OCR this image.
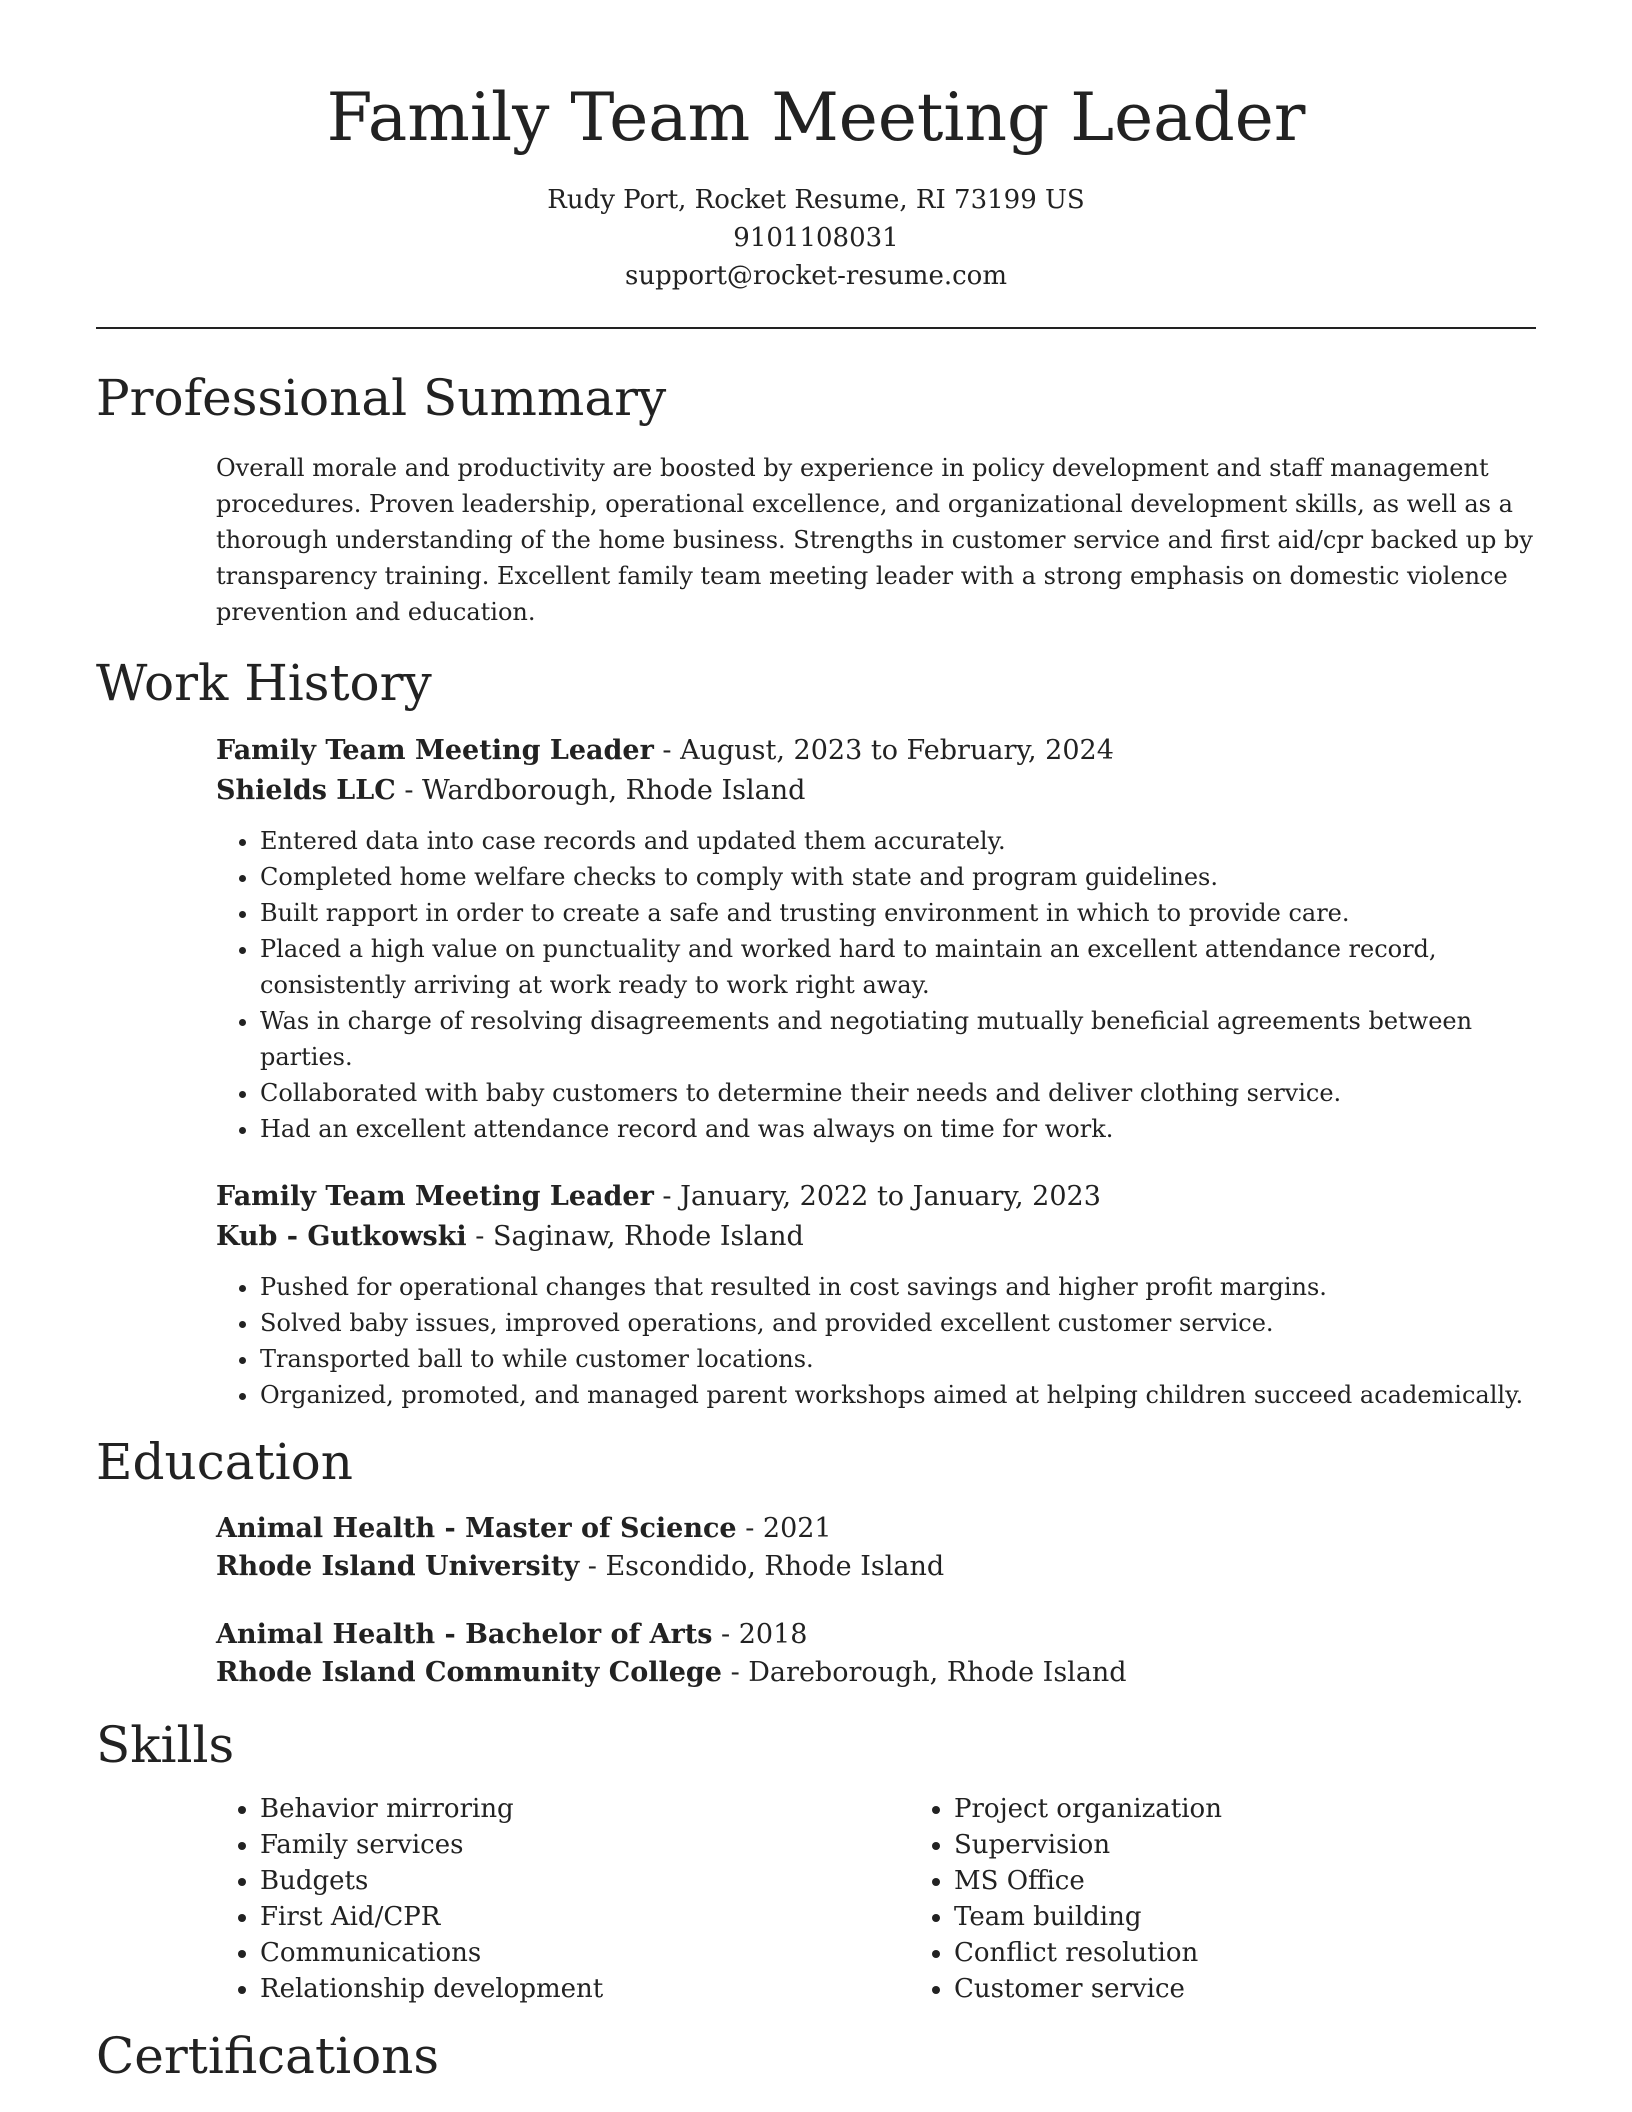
Family Team Meeting Leader
Rudy Port, Rocket Resume, RI 73199 US
9101108031
support@rocket-resume.com
Professional Summary
Overall morale and productivity are boosted by experience in policy development and staff management procedures. Proven leadership, operational excellence, and organizational development skills, as well as a thorough understanding of the home business. Strengths in customer service and first aid/cpr backed up by transparency training. Excellent family team meeting leader with a strong emphasis on domestic violence prevention and education.
Work History
Family Team Meeting Leader - August, 2023 to February, 2024
Shields LLC - Wardborough, Rhode Island
• Entered data into case records and updated them accurately.
• Completed home welfare checks to comply with state and program guidelines.
• Built rapport in order to create a safe and trusting environment in which to provide care.
• Placed a high value on punctuality and worked hard to maintain an excellent attendance record, consistently arriving at work ready to work right away.
• Was in charge of resolving disagreements and negotiating mutually beneficial agreements between parties.
• Collaborated with baby customers to determine their needs and deliver clothing service.
• Had an excellent attendance record and was always on time for work.
Family Team Meeting Leader - January, 2022 to January, 2023
Kub - Gutkowski - Saginaw, Rhode Island
• Pushed for operational changes that resulted in cost savings and higher profit margins.
• Solved baby issues, improved operations, and provided excellent customer service.
• Transported ball to while customer locations.
• Organized, promoted, and managed parent workshops aimed at helping children succeed academically.
Education
Animal Health - Master of Science - 2021
Rhode Island University - Escondido, Rhode Island
Animal Health - Bachelor of Arts - 2018
Rhode Island Community College - Dareborough, Rhode Island
Skills
• Behavior mirroring
• Family services
• Budgets
• First Aid/CPR
• Communications
• Relationship development
• Project organization
• Supervision
• MS Office
• Team building
• Conflict resolution
• Customer service
Certifications
